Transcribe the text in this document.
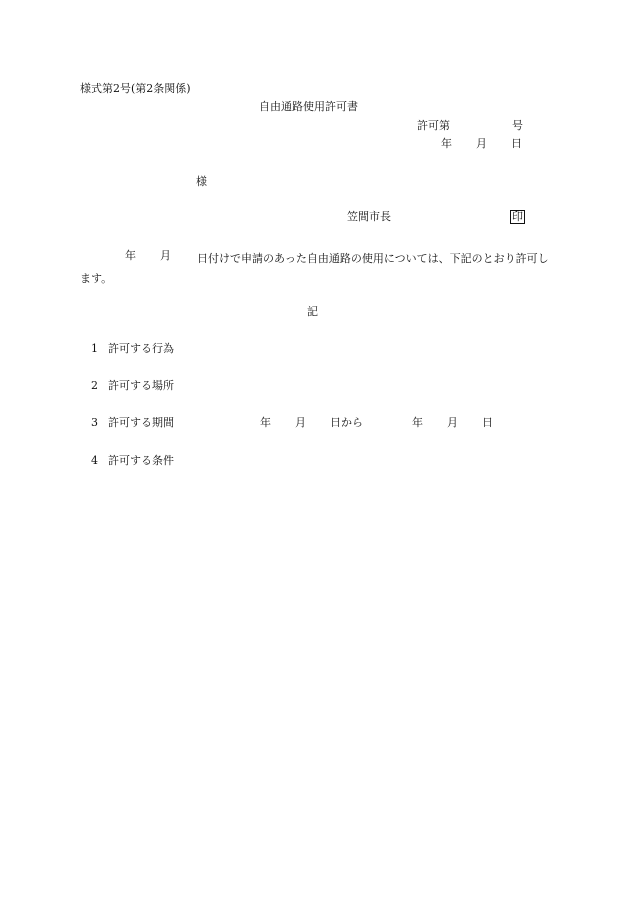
様式第2号(第2条関係)
自由通路使用許可書
許可第	号
年 月 日
様
笠間市長	印
年 月	日付けで申請のあった自由通路の使用については、下記のとおり許可します。
記
1 許可する行為
2 許可する場所
3 許可する期間	年 月 日から	年 月 日
4 許可する条件
